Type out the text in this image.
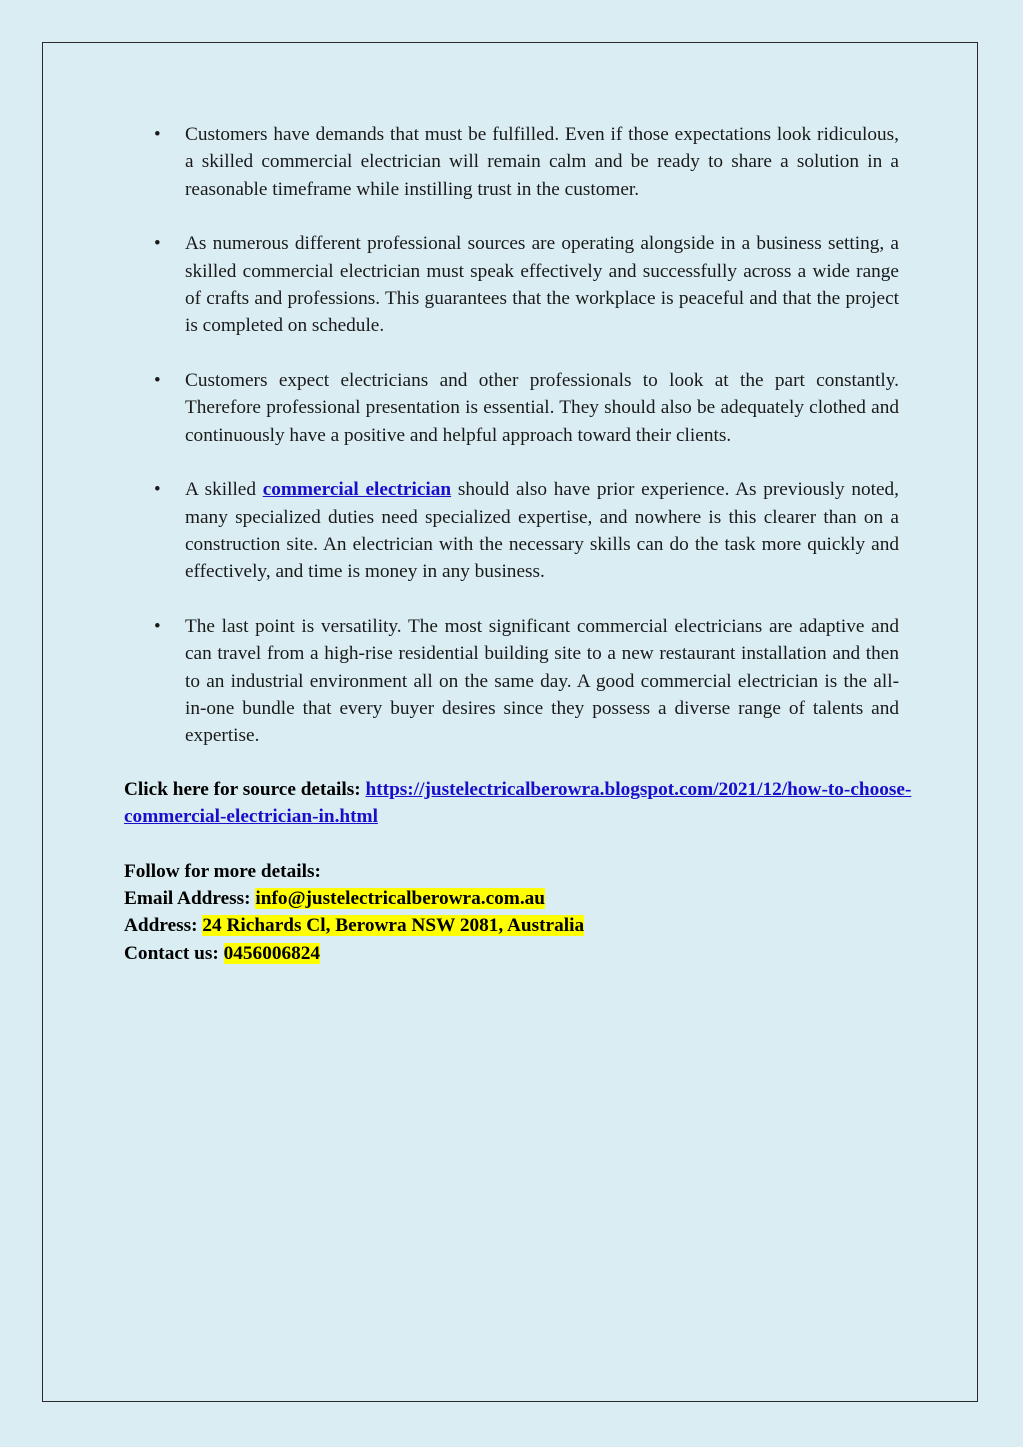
• Customers have demands that must be fulfilled. Even if those expectations look ridiculous, a skilled commercial electrician will remain calm and be ready to share a solution in a reasonable timeframe while instilling trust in the customer.
• As numerous different professional sources are operating alongside in a business setting, a skilled commercial electrician must speak effectively and successfully across a wide range of crafts and professions. This guarantees that the workplace is peaceful and that the project is completed on schedule.
• Customers expect electricians and other professionals to look at the part constantly. Therefore professional presentation is essential. They should also be adequately clothed and continuously have a positive and helpful approach toward their clients.
• A skilled commercial electrician should also have prior experience. As previously noted, many specialized duties need specialized expertise, and nowhere is this clearer than on a construction site. An electrician with the necessary skills can do the task more quickly and effectively, and time is money in any business.
• The last point is versatility. The most significant commercial electricians are adaptive and can travel from a high-rise residential building site to a new restaurant installation and then to an industrial environment all on the same day. A good commercial electrician is the all-in-one bundle that every buyer desires since they possess a diverse range of talents and expertise.

Click here for source details: https://justelectricalberowra.blogspot.com/2021/12/how-to-choose-commercial-electrician-in.html

Follow for more details:

Email Address: info@justelectricalberowra.com.au

Address: 24 Richards Cl, Berowra NSW 2081, Australia

Contact us: 0456006824
